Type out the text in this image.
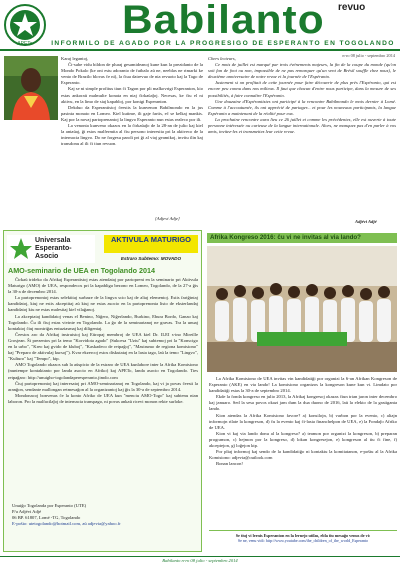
APETo
Babilanto revuo
INFORMILO DE AGADO POR LA PROGRESIGO DE ESPERANTO EN TOGOLANDO
n-ro 08 julio - septembro 2014

Karaj legantoj,

Ĉi-sube vidu bildon de pluraj gesamideanoj kune kun la prezidanto de la Mondo Pokalo (ke oni estu adoranto de futbalo aŭ ne, neeblas ne rimarki ke vento de Brazilo blovas ĉe ni), la ĉiua datrevuo de nia revuoto kaj la Tago de Esperanto.

Kaj se ni simple profitus tiun ĉi Tagon por pli malkovrigi Esperanton, kio estas ankoraŭ malmulte konata en niaj ĉirkaŭaĵoj. Necesas, ke ĉiu el ni aktivu, en la limo de siaj kapabloj, por konigi Esperanton.

Dekduo da Esperantistoj ĉeestis la kunvenon Babilmondo en la jus pasinta monato en Lomeo. Kiel kutime, ili gaje fartis, eĉ se kelkaj mankis. Kaj por la novaj partoprenantoj la lingvo Esperanto nun estas realeco por ili.

La venonta kunveno okazos en la ĉirkaŭaĵo de la 28-an de julio kaj kiel la antaŭaj, ĝi estos malfermita al ĉiu persono interesita pri la aktiveco de la internacia lingvo. Do ne forgesu paroli pri ĝi al viaj geamikoj, invitu ilin kaj transdonu al ili ĉi tiun revuon.

[Adjevi Adje]

Chers lecteurs,

Ce mois de juillet est marqué par trois événements majeurs, la fin de la coupe du monde (qu'on soit fan de foot ou non, impossible de ne pas remarquer qu'un vent de Brésil souffle chez nous), le deuxième anniversaire de notre revue et la journée de l'Espéranto.

Justement si on profitait de cette journée pour faire découvrir de plus près l'Espéranto, qui est encore peu connu dans nos milieux. Il faut que chacun d'entre nous participe, dans la mesure de ses possibilités, à faire connaître l'Espéranto.

Une douzaine d'Espérantistes ont participé à la rencontre Babilmondo le mois dernier à Lomé. Comme à l'accoutumée, ils ont apprécié de partager... et pour les nouveaux participants, la langue Espéranto a maintenant de la réalité pour eux.

La prochaine rencontre aura lieu ce 26 juillet et comme les précédentes, elle est ouverte à toute personne intéressée ou curieuse de la langue internationale. Alors, ne manquez pas d'en parler à vos amis, invitez-les et transmettez leur cette revue.

Adjévi Adjé
Universala Esperanto-Asocio
AKTIVULA MATURIGO
Estraro Subtemo: MOVADO
AMO-seminario de UEA en Togolando 2014

Ĉirkaŭ trideko da Afrikaj Esperantistoj estas atendataj por partopreni en la seminario pri Aktivula Maturigo (AMO) de UEA, respondecos pri la kapabliga bezono en Lomeo, Togolando, de la 27-a ĝis la 30-a de decembro 2014.

La partoprenontoj estas selektitaj surbaze de la lingva scio kaj de aliaj elementoj. Estis fariĝintaj kandidatoj, kiuj ne estis akceptitaj aŭ kiuj ne estas asocio en la partoprenonta listo de eksterlandaj kandidatoj kiu ne estas malesitaj kiel vilaĝanoj.

La akceptataj kandidatoj venas el Benino, Niĝero, Niĝerlando, Burkino, Ebura Bordo, Ganao kaj Togolando. Ĉu ili ĉiuj estas vivinte en Togolando. La ĝo de la seminarianoj ne gravas. Tra la unuaj kontaktoj ĉiuj montriĝas entuziasmaj kaj diligentaj.

Ĉeestos aro da Afrikaj instruistoj kaj Eŭropaj membroj de UEA kiel Dr. ILEI s-ino Mireille Grosjean. Ŝi prezentos pri la temo "Korvidota agado" (Sukcesa "Uziu" kaj subtemoj pri la "Konscigo en la urbo", "Kreo kaj gvido de kluboj", "Kaskadeco de retpaĝoj", "Mastrumo de regiona komisiono" kaj "Preparo de aktivulaj kursoj"). Kvar ekzercoj estos diskutataj en la lasta tago, laŭ la temo "Lingvo", "Kulturo" kaj "Tempo", ktp.

AMO Togolando okazos sub la aŭspicio de la estraro de UEA kunlabore inter la Afrika Komisiono (nuntempe kontaktanto por landa asocio en Afriko) kaj APETo, landa asocio en Togolando. Ties retpaĝaro: http://unuigho-togolandaperesperanto.jimdo.com

Ĉiuj partoprenontoj kaj interesatoj pri AMO-seminarianoj en Togolando, kaj vi ja povas ĉeesti la aranĝon, sendante mallongan retmesaĝon al la organizantoj kaj ĝis la 30-a de septembro 2014.

Mondonacoj bonvenas ĉe la konto Afriko de UEA kun "menciu AMO-Togo" kaj subtenu nian laboron. Pro la malfacilaĵoj de internacia transpago, ni povas ankaŭ ricevi monon rekte surloke.

Unuiĝo Togolanda por Esperanto (UTE)

P/a Adjévi Adjé

06 BP. 61807, Lomé -TG, Togolando

E-poŝto: utetogolando@hotmail.com, aŭ adjevia@yahoo.fr

Afrika Kongreso 2016: ĉu vi ne invitas al via lando?

La Afrika Komisiono de UEA invitas vin kandidatiĝi por organizi la 6-an Afrikan Kongreson de Esperanto (AKE) en via lando! La komisiono organizos la kongreson kune kun vi. Limdato por kandidatiĝi estas la 30-a de septembro 2014.

Ekde la fonda kongreso en julio 2013, la Afrikaj kongresoj okazas ĉiun trian jaron inter decembro kaj januaro. Sed la sesa povos okazi jam dum la dua duono de 2016, laŭ la elekto de la gastiganta lando.

Kion atendas la Afrika Komisiono favore? a) konsilojn, b) varbon por la evento, c) aliajn informojn rilate la kongreson, d) ĉu la evento kaj ĉi-lasta financhelpon de UEA, e) la Fondaĵo Afriko de UEA.

Kion vi kaj via lando donu al la kongreso? a) teamon por organizi la kongreson, b) preparan programon, c) hejmon por la kongreso, d) lokan kongresejon, e) kongreson al tiu ĉi fine, f) akceptejon, g) loĝejon ktp.

Por pliaj informoj kaj sendo de la kandidatiĝo ni kontaktu la komitatanon, e-poŝtu al la Afrika Komisiono: adjevia@outlook.com

Bonan lancon!

Se tiuj vi lernis Esperanton en la lernejo utilas, ebla tiu mesaĝo venus de vi:
Se ne, venu vidi: http://www.youtube.com/the_children_of_the_world_Esperanto
Babilanto n-ro 08 julio - septembro 2014
